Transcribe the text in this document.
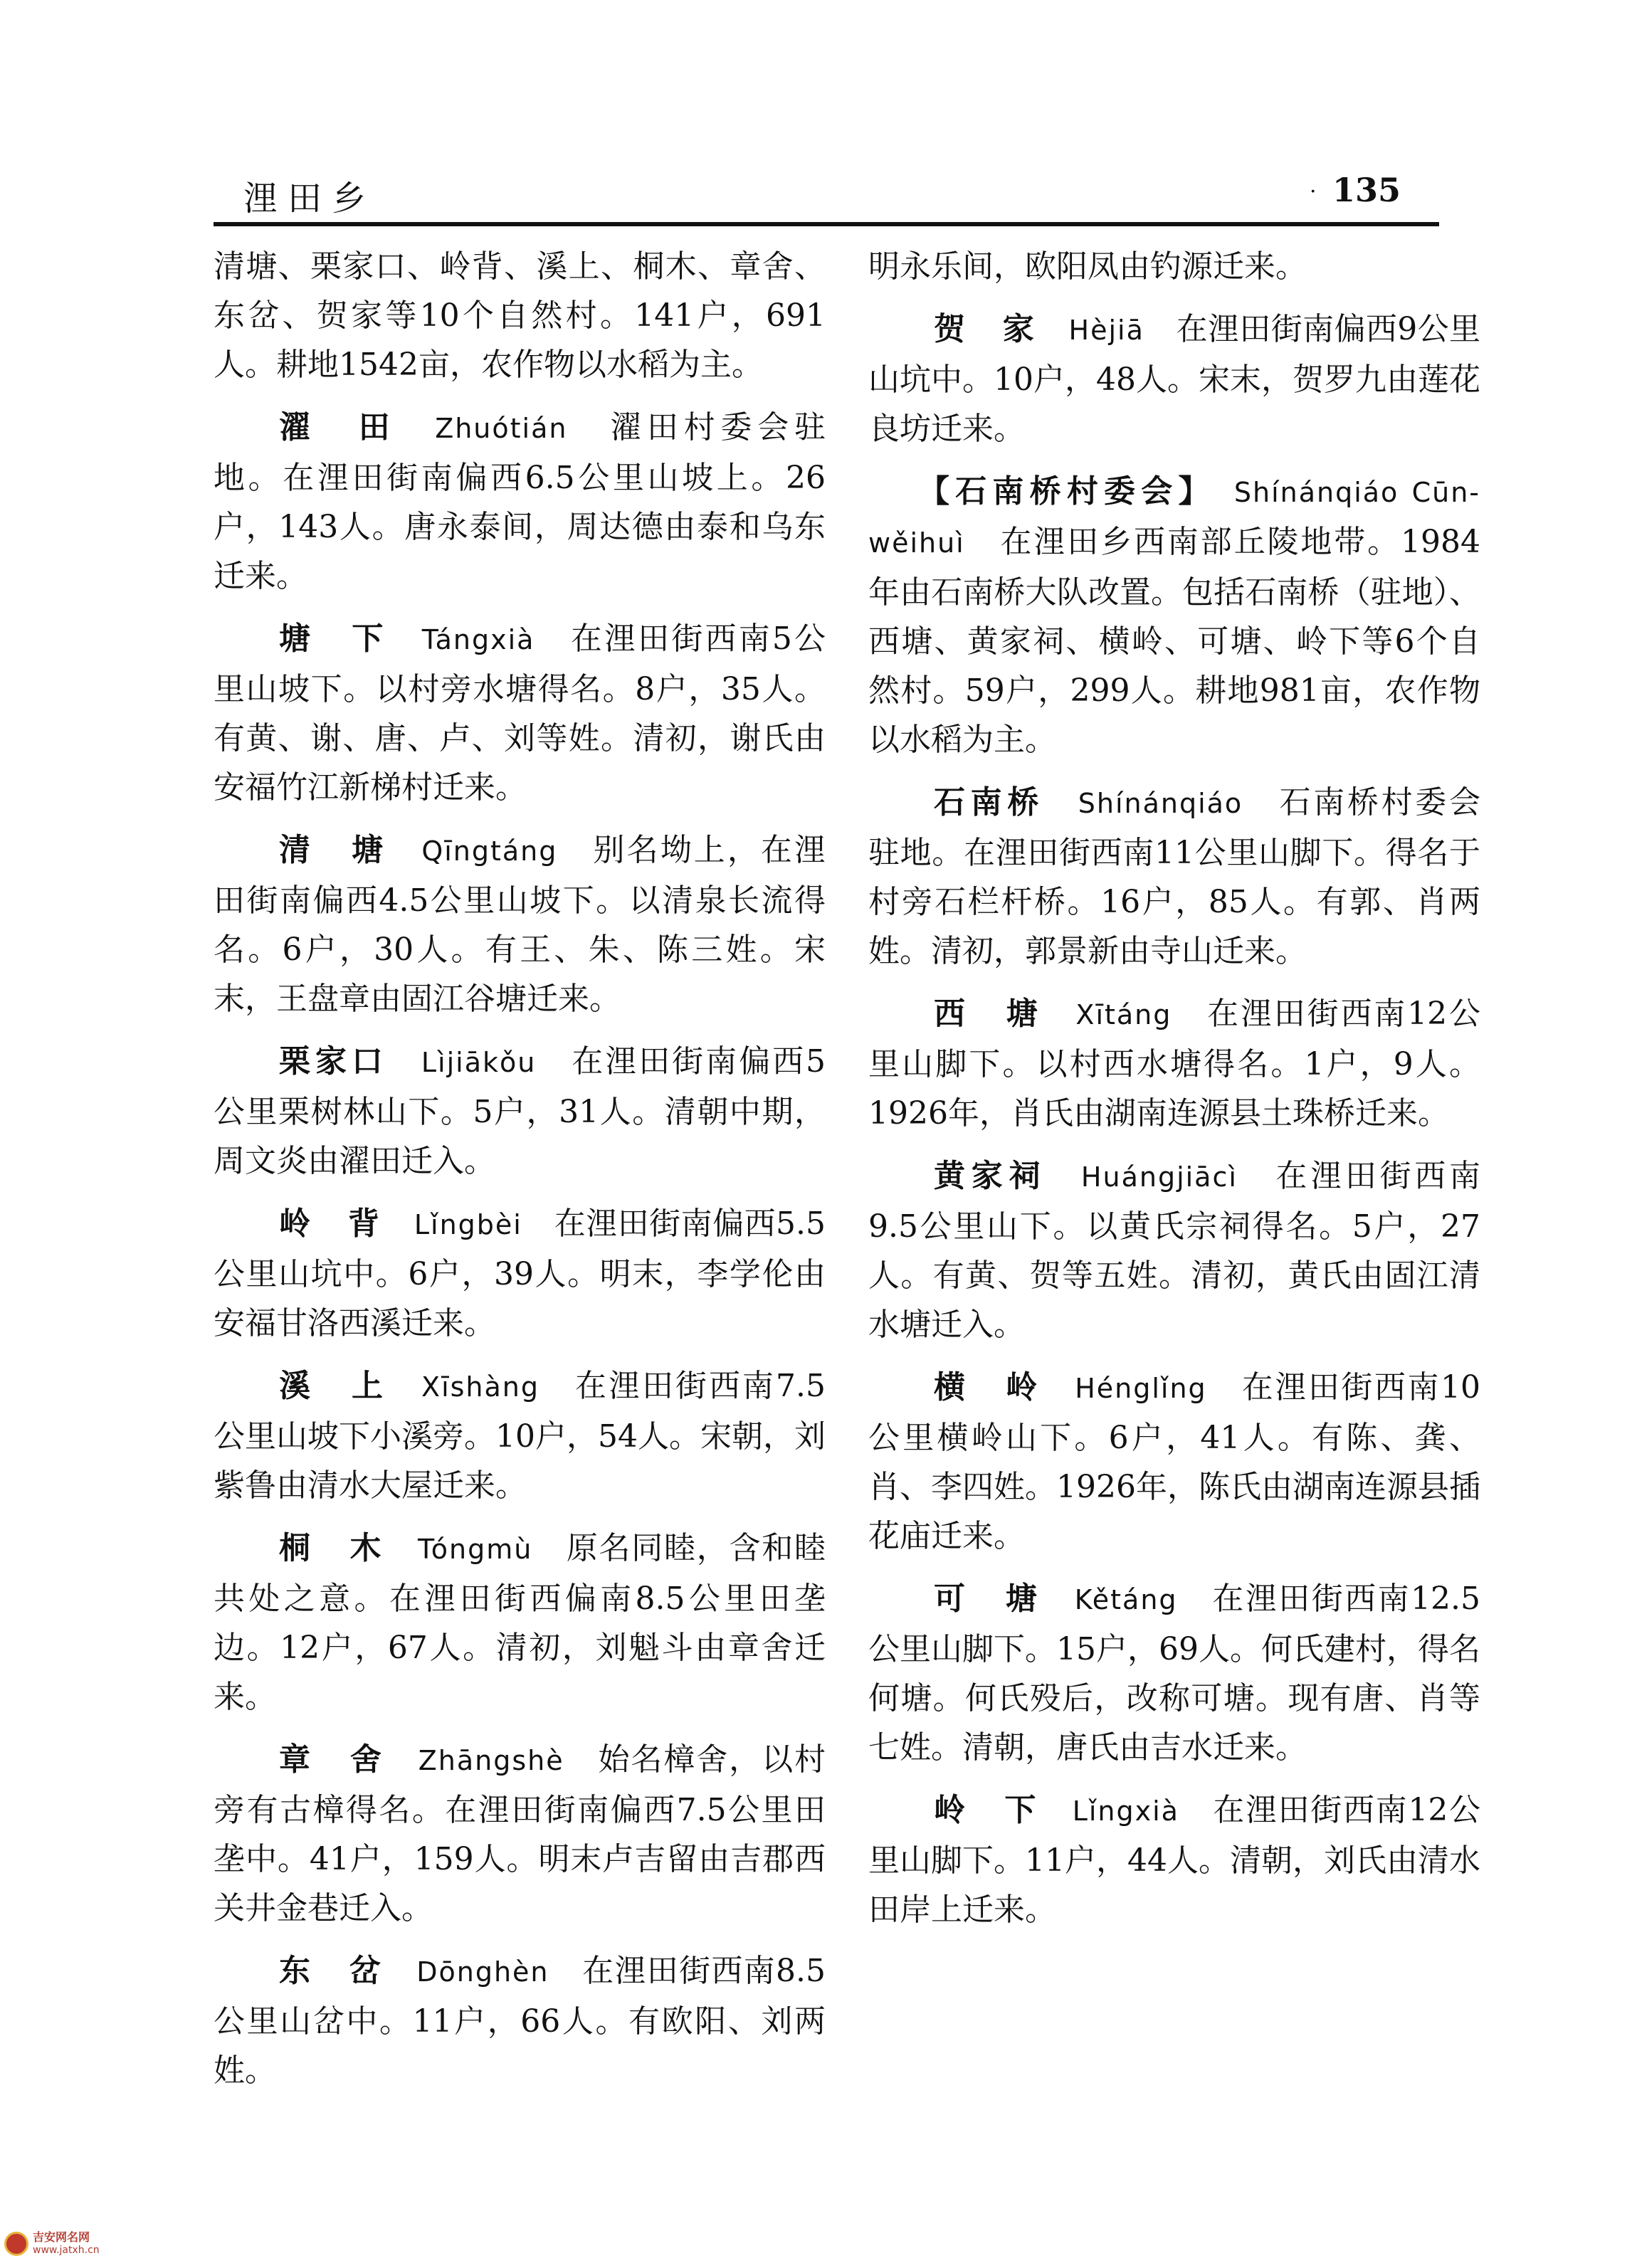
浬田乡	· 135

清塘、栗家口、岭背、溪上、桐木、章舍、东岔、贺家等10个自然村。141户，691人。耕地1542亩，农作物以水稻为主。

濯　田　 Zhuótián　 濯田村委会驻地。在浬田街南偏西6.5公里山坡上。26户，143人。唐永泰间，周达德由泰和乌东迁来。

塘　下　 Tángxià　 在浬田街西南5公里山坡下。以村旁水塘得名。8户，35人。有黄、谢、唐、卢、刘等姓。清初，谢氏由安福竹江新梯村迁来。

清　塘　 Qīngtáng　 别名坳上，在浬田街南偏西4.5公里山坡下。以清泉长流得名。6户，30人。有王、朱、陈三姓。宋末，王盘章由固江谷塘迁来。

栗家口　 Lìjiākǒu　 在浬田街南偏西5公里栗树林山下。5户，31人。清朝中期，周文炎由濯田迁入。

岭　背　 Lǐngbèi　 在浬田街南偏西5.5公里山坑中。6户，39人。明末，李学伦由安福甘洛西溪迁来。

溪　上　 Xīshàng　 在浬田街西南7.5公里山坡下小溪旁。10户，54人。宋朝，刘紫鲁由清水大屋迁来。

桐　木　 Tóngmù　 原名同睦，含和睦共处之意。在浬田街西偏南8.5公里田垄边。12户，67人。清初，刘魁斗由章舍迁来。

章　舍　 Zhāngshè　 始名樟舍，以村旁有古樟得名。在浬田街南偏西7.5公里田垄中。41户，159人。明末卢吉留由吉郡西关井金巷迁入。

东　岔　 Dōnghèn　 在浬田街西南8.5公里山岔中。11户，66人。有欧阳、刘两姓。

明永乐间，欧阳凤由钓源迁来。

贺　家　 Hèjiā　 在浬田街南偏西9公里山坑中。10户，48人。宋末，贺罗九由莲花良坊迁来。

【石南桥村委会】　 Shínánqiáo Cūn-wěihuì　 在浬田乡西南部丘陵地带。1984年由石南桥大队改置。包括石南桥（驻地）、西塘、黄家祠、横岭、可塘、岭下等6个自然村。59户，299人。耕地981亩，农作物以水稻为主。

石南桥　 Shínánqiáo　 石南桥村委会驻地。在浬田街西南11公里山脚下。得名于村旁石栏杆桥。16户，85人。有郭、肖两姓。清初，郭景新由寺山迁来。

西　塘　 Xītáng　 在浬田街西南12公里山脚下。以村西水塘得名。1户，9人。1926年，肖氏由湖南连源县土珠桥迁来。

黄家祠　 Huángjiācì　 在浬田街西南9.5公里山下。以黄氏宗祠得名。5户，27人。有黄、贺等五姓。清初，黄氏由固江清水塘迁入。

横　岭　 Hénglǐng　 在浬田街西南10公里横岭山下。6户，41人。有陈、龚、肖、李四姓。1926年，陈氏由湖南连源县插花庙迁来。

可　塘　 Kětáng　 在浬田街西南12.5公里山脚下。15户，69人。何氏建村，得名何塘。何氏殁后，改称可塘。现有唐、肖等七姓。清朝，唐氏由吉水迁来。

岭　下　 Lǐngxià　 在浬田街西南12公里山脚下。11户，44人。清朝，刘氏由清水田岸上迁来。

吉安网名网
www.jatxh.cn
